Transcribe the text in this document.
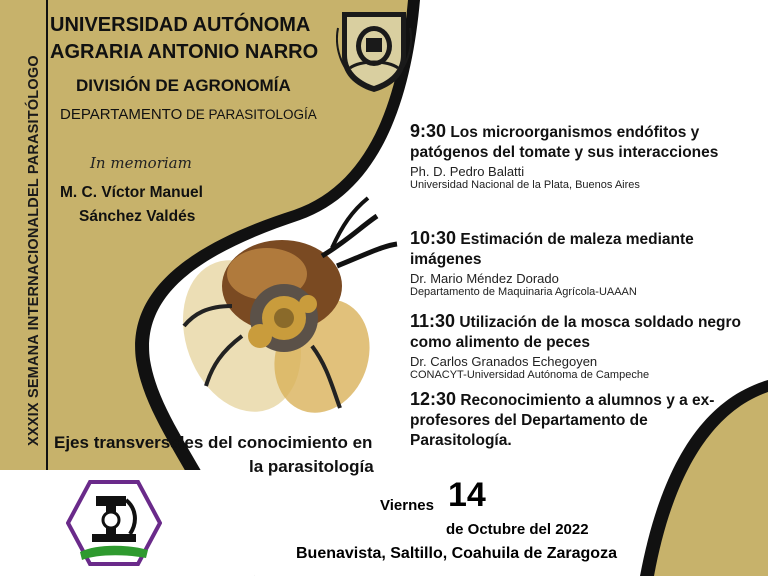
XXXIX SEMANA INTERNACIONALDEL PARASITÓLOGO
UNIVERSIDAD AUTÓNOMA
AGRARIA ANTONIO NARRO
DIVISIÓN DE AGRONOMÍA
DEPARTAMENTO DE PARASITOLOGÍA
In memoriam
M. C. Víctor Manuel
Sánchez Valdés
Ejes transversales del conocimiento en
la parasitología
9:30 Los microorganismos endófitos y patógenos del tomate y sus interacciones
Ph. D. Pedro Balatti
Universidad Nacional de la Plata, Buenos Aires
10:30 Estimación de maleza mediante imágenes
Dr. Mario Méndez Dorado
Departamento de Maquinaria Agrícola-UAAAN
11:30 Utilización de la mosca soldado negro como alimento de peces
Dr. Carlos Granados Echegoyen
CONACYT-Universidad Autónoma de Campeche
12:30 Reconocimiento a alumnos y a ex-profesores del Departamento de Parasitología.
Viernes 14
de Octubre del 2022
Buenavista, Saltillo, Coahuila de Zaragoza
